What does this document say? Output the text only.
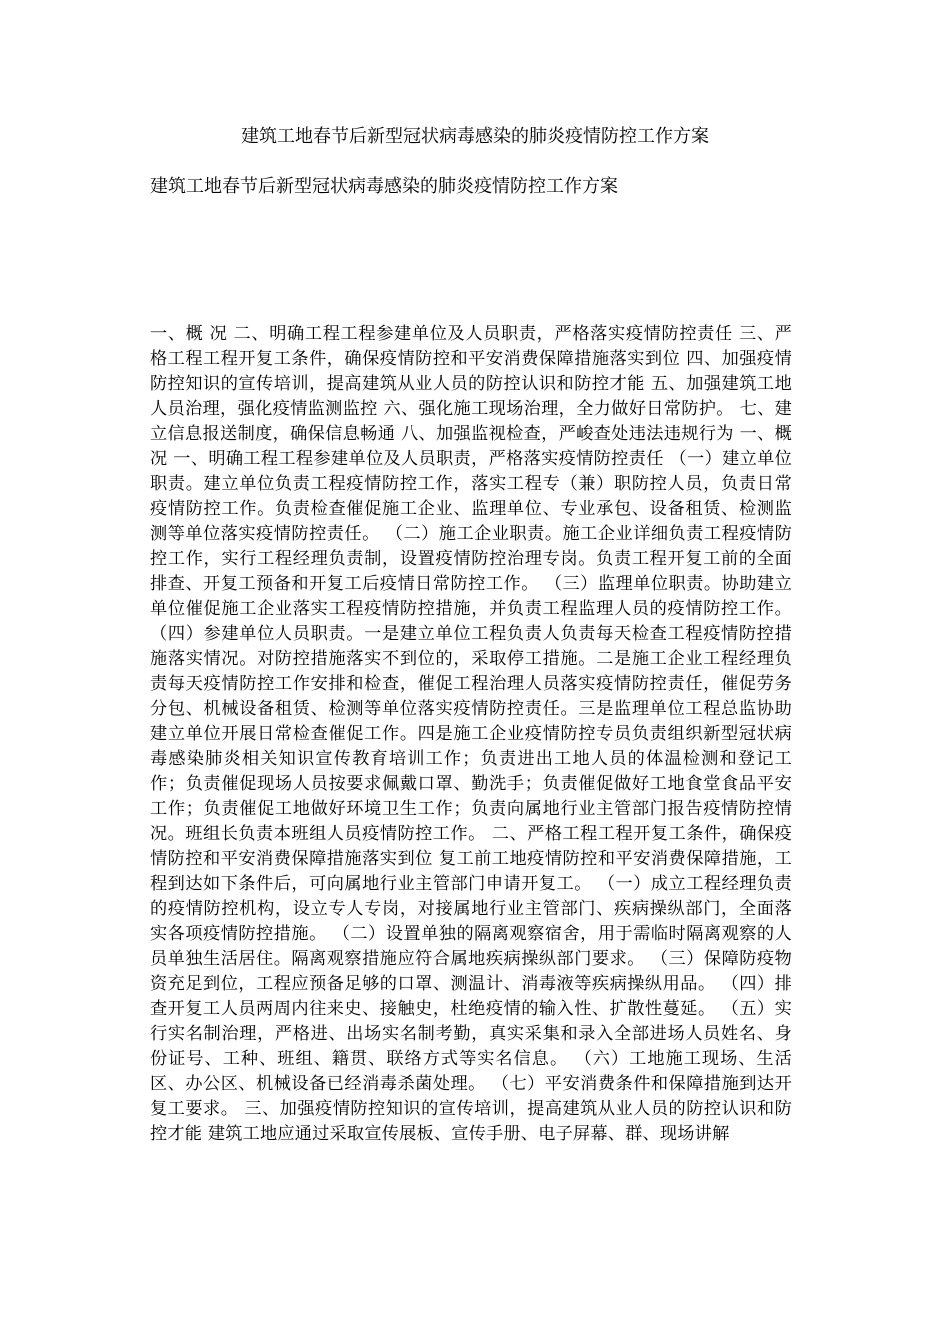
建筑工地春节后新型冠状病毒感染的肺炎疫情防控工作方案
建筑工地春节后新型冠状病毒感染的肺炎疫情防控工作方案

一、概 况 二、明确工程工程参建单位及人员职责，严格落实疫情防控责任 三、严格工程工程开复工条件，确保疫情防控和平安消费保障措施落实到位 四、加强疫情防控知识的宣传培训，提高建筑从业人员的防控认识和防控才能 五、加强建筑工地人员治理，强化疫情监测监控 六、强化施工现场治理，全力做好日常防护。 七、建立信息报送制度，确保信息畅通 八、加强监视检查，严峻查处违法违规行为 一、概 况 一、明确工程工程参建单位及人员职责，严格落实疫情防控责任 （一）建立单位职责。建立单位负责工程疫情防控工作，落实工程专（兼）职防控人员，负责日常疫情防控工作。负责检查催促施工企业、监理单位、专业承包、设备租赁、检测监测等单位落实疫情防控责任。 （二）施工企业职责。施工企业详细负责工程疫情防控工作，实行工程经理负责制，设置疫情防控治理专岗。负责工程开复工前的全面排查、开复工预备和开复工后疫情日常防控工作。 （三）监理单位职责。协助建立单位催促施工企业落实工程疫情防控措施，并负责工程监理人员的疫情防控工作。 （四）参建单位人员职责。一是建立单位工程负责人负责每天检查工程疫情防控措施落实情况。对防控措施落实不到位的，采取停工措施。二是施工企业工程经理负责每天疫情防控工作安排和检查，催促工程治理人员落实疫情防控责任，催促劳务分包、机械设备租赁、检测等单位落实疫情防控责任。三是监理单位工程总监协助建立单位开展日常检查催促工作。四是施工企业疫情防控专员负责组织新型冠状病毒感染肺炎相关知识宣传教育培训工作；负责进出工地人员的体温检测和登记工作；负责催促现场人员按要求佩戴口罩、勤洗手；负责催促做好工地食堂食品平安工作；负责催促工地做好环境卫生工作；负责向属地行业主管部门报告疫情防控情况。班组长负责本班组人员疫情防控工作。 二、严格工程工程开复工条件，确保疫情防控和平安消费保障措施落实到位 复工前工地疫情防控和平安消费保障措施，工程到达如下条件后，可向属地行业主管部门申请开复工。 （一）成立工程经理负责的疫情防控机构，设立专人专岗，对接属地行业主管部门、疾病操纵部门，全面落实各项疫情防控措施。 （二）设置单独的隔离观察宿舍，用于需临时隔离观察的人员单独生活居住。隔离观察措施应符合属地疾病操纵部门要求。 （三）保障防疫物资充足到位，工程应预备足够的口罩、测温计、消毒液等疾病操纵用品。 （四）排查开复工人员两周内往来史、接触史，杜绝疫情的输入性、扩散性蔓延。 （五）实行实名制治理，严格进、出场实名制考勤，真实采集和录入全部进场人员姓名、身份证号、工种、班组、籍贯、联络方式等实名信息。 （六）工地施工现场、生活区、办公区、机械设备已经消毒杀菌处理。 （七）平安消费条件和保障措施到达开复工要求。 三、加强疫情防控知识的宣传培训，提高建筑从业人员的防控认识和防控才能 建筑工地应通过采取宣传展板、宣传手册、电子屏幕、群、现场讲解
